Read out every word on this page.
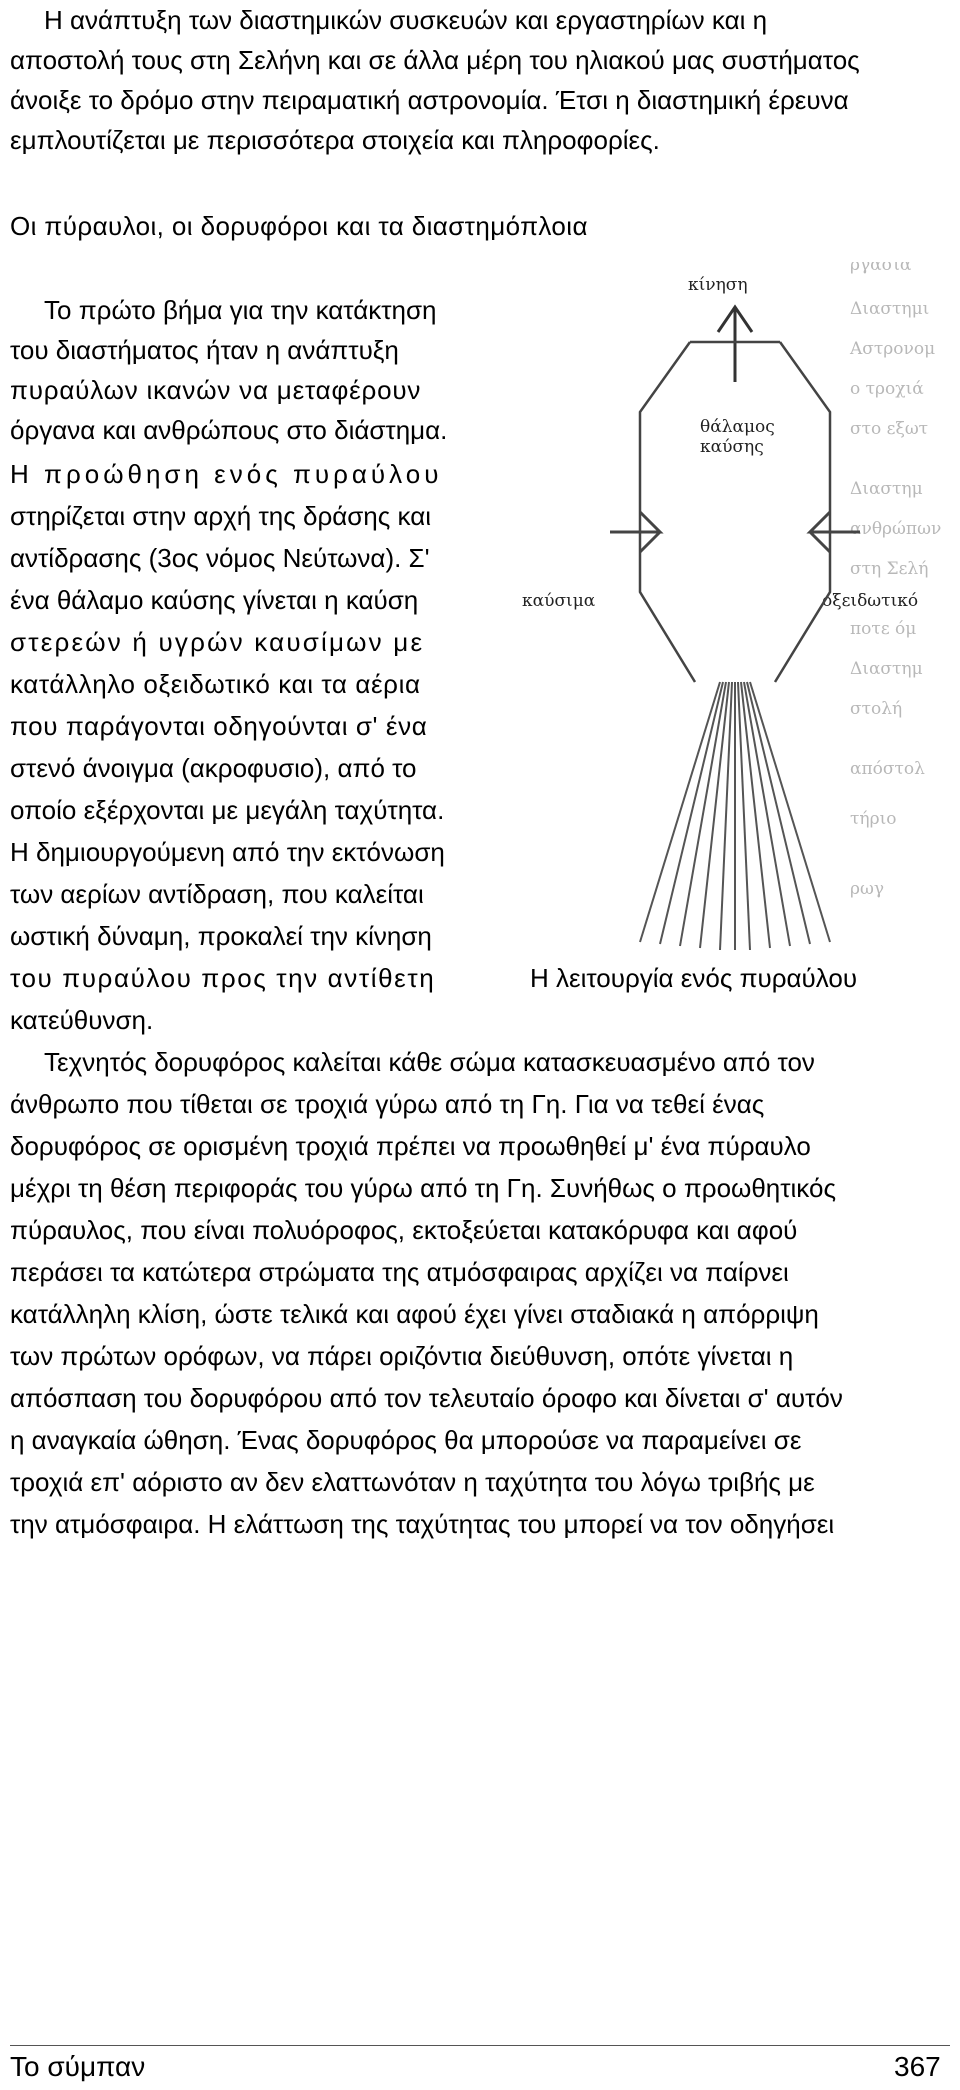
Η ανάπτυξη των διαστημικών συσκευών και εργαστηρίων και η

αποστολή τους στη Σελήνη και σε άλλα μέρη του ηλιακού μας συστήματος

άνοιξε το δρόμο στην πειραματική αστρονομία. Έτσι η διαστημική έρευνα

εμπλουτίζεται με περισσότερα στοιχεία και πληροφορίες.

Οι πύραυλοι, οι δορυφόροι και τα διαστημόπλοια

ργασία
Διαστημι
Αστρονομ
ο τροχιά
στο εξωτ
Διαστημ
ανθρώπων
στη Σελή
ποτε όμ
Διαστημ
στολή
απόστολ
τήριο
ρωγ
κίνηση
θάλαμος
καύσης
καύσιμα	οξειδωτικό

Το πρώτο βήμα για την κατάκτηση

του διαστήματος ήταν η ανάπτυξη

πυραύλων ικανών να μεταφέρουν

όργανα και ανθρώπους στο διάστημα.

Η προώθηση ενός πυραύλου

στηρίζεται στην αρχή της δράσης και

αντίδρασης (3ος νόμος Νεύτωνα). Σ'

ένα θάλαμο καύσης γίνεται η καύση

στερεών ή υγρών καυσίμων με

κατάλληλο οξειδωτικό και τα αέρια

που παράγονται οδηγούνται σ' ένα

στενό άνοιγμα (ακροφυσιο), από το

οποίο εξέρχονται με μεγάλη ταχύτητα.

Η δημιουργούμενη από την εκτόνωση

των αερίων αντίδραση, που καλείται

ωστική δύναμη, προκαλεί την κίνηση

του πυραύλου προς την αντίθετη

κατεύθυνση.

Η λειτουργία ενός πυραύλου

Τεχνητός δορυφόρος καλείται κάθε σώμα κατασκευασμένο από τον

άνθρωπο που τίθεται σε τροχιά γύρω από τη Γη. Για να τεθεί ένας

δορυφόρος σε ορισμένη τροχιά πρέπει να προωθηθεί μ' ένα πύραυλο

μέχρι τη θέση περιφοράς του γύρω από τη Γη. Συνήθως ο προωθητικός

πύραυλος, που είναι πολυόροφος, εκτοξεύεται κατακόρυφα και αφού

περάσει τα κατώτερα στρώματα της ατμόσφαιρας αρχίζει να παίρνει

κατάλληλη κλίση, ώστε τελικά και αφού έχει γίνει σταδιακά η απόρριψη

των πρώτων ορόφων, να πάρει οριζόντια διεύθυνση, οπότε γίνεται η

απόσπαση του δορυφόρου από τον τελευταίο όροφο και δίνεται σ' αυτόν

η αναγκαία ώθηση. Ένας δορυφόρος θα μπορούσε να παραμείνει σε

τροχιά επ' αόριστο αν δεν ελαττωνόταν η ταχύτητα του λόγω τριβής με

την ατμόσφαιρα. Η ελάττωση της ταχύτητας του μπορεί να τον οδηγήσει

Το σύμπαν	367
